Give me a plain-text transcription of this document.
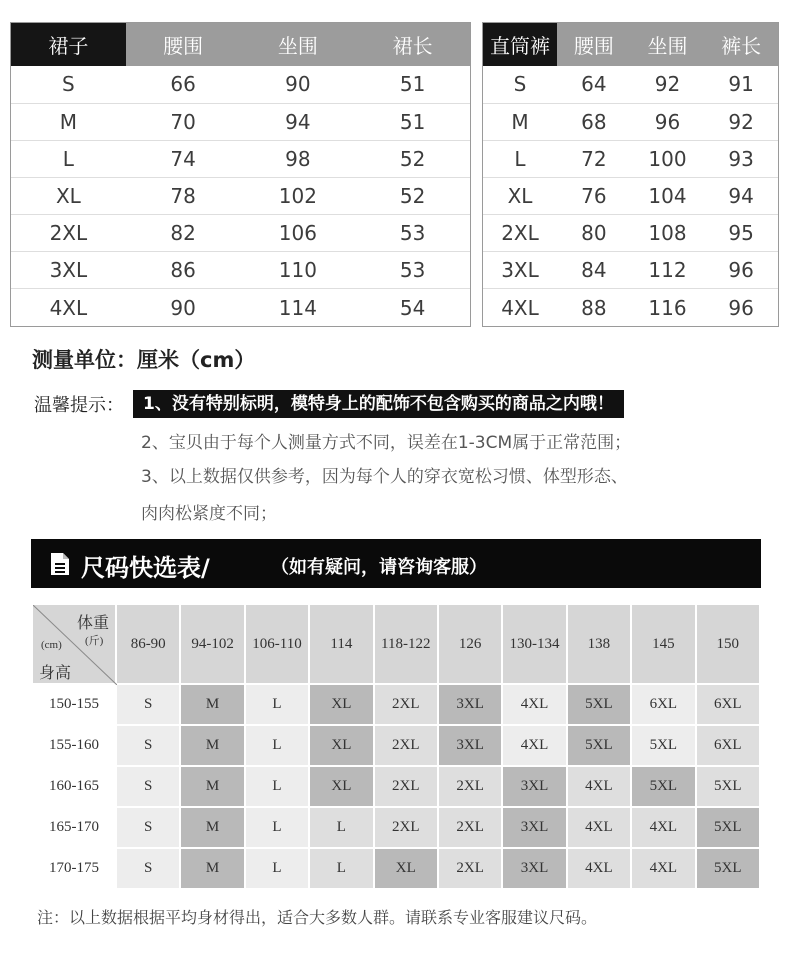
裙子	腰围	坐围	裙长
S	66	90	51
M	70	94	51
L	74	98	52
XL	78	102	52
2XL	82	106	53
3XL	86	110	53
4XL	90	114	54
直筒裤	腰围	坐围	裤长
S	64	92	91
M	68	96	92
L	72	100	93
XL	76	104	94
2XL	80	108	95
3XL	84	112	96
4XL	88	116	96
测量单位：厘米（cm）
温馨提示：	1、没有特别标明，模特身上的配饰不包含购买的商品之内哦！
2、宝贝由于每个人测量方式不同，误差在1-3CM属于正常范围；
3、以上数据仅供参考，因为每个人的穿衣宽松习惯、体型形态、
肉肉松紧度不同；
尺码快选表/	（如有疑问，请咨询客服）
体重
(斤)
(cm)
身高	86-90	94-102	106-110	114	118-122	126	130-134	138	145	150
150-155	S	M	L	XL	2XL	3XL	4XL	5XL	6XL	6XL
155-160	S	M	L	XL	2XL	3XL	4XL	5XL	5XL	6XL
160-165	S	M	L	XL	2XL	2XL	3XL	4XL	5XL	5XL
165-170	S	M	L	L	2XL	2XL	3XL	4XL	4XL	5XL
170-175	S	M	L	L	XL	2XL	3XL	4XL	4XL	5XL
注：以上数据根据平均身材得出，适合大多数人群。请联系专业客服建议尺码。
